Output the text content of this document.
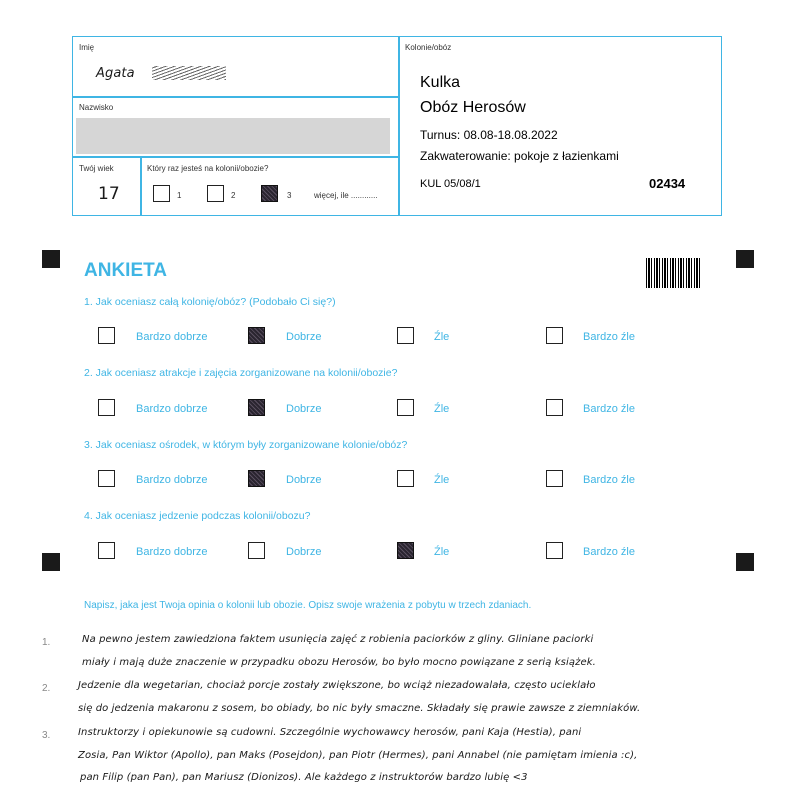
Imię
Agata
Nazwisko
Twój wiek
17
Który raz jesteś na kolonii/obozie?
1	2	3	więcej, ile ............
Kolonie/obóz
Kulka
Obóz Herosów
Turnus: 08.08-18.08.2022
Zakwaterowanie: pokoje z łazienkami
KUL 05/08/1	02434
ANKIETA
1. Jak oceniasz całą kolonię/obóz? (Podobało Ci się?)
Bardzo dobrze	Dobrze	Źle	Bardzo źle
2. Jak oceniasz atrakcje i zajęcia zorganizowane na kolonii/obozie?
Bardzo dobrze	Dobrze	Źle	Bardzo źle
3. Jak oceniasz ośrodek, w którym były zorganizowane kolonie/obóz?
Bardzo dobrze	Dobrze	Źle	Bardzo źle
4. Jak oceniasz jedzenie podczas kolonii/obozu?
Bardzo dobrze	Dobrze	Źle	Bardzo źle
Napisz, jaka jest Twoja opinia o kolonii lub obozie. Opisz swoje wrażenia z pobytu w trzech zdaniach.
1.
2.
3.
Na pewno jestem zawiedziona faktem usunięcia zajęć z robienia paciorków z gliny. Gliniane paciorki
miały i mają duże znaczenie w przypadku obozu Herosów, bo było mocno powiązane z serią książek.
Jedzenie dla wegetarian, chociaż porcje zostały zwiększone, bo wciąż niezadowalała, często ucieklało
się do jedzenia makaronu z sosem, bo obiady, bo nic były smaczne. Składały się prawie zawsze z ziemniaków.
Instruktorzy i opiekunowie są cudowni. Szczególnie wychowawcy herosów, pani Kaja (Hestia), pani
Zosia, Pan Wiktor (Apollo), pan Maks (Posejdon), pan Piotr (Hermes), pani Annabel (nie pamiętam imienia :c),
pan Filip (pan Pan), pan Mariusz (Dionizos). Ale każdego z instruktorów bardzo lubię <3
